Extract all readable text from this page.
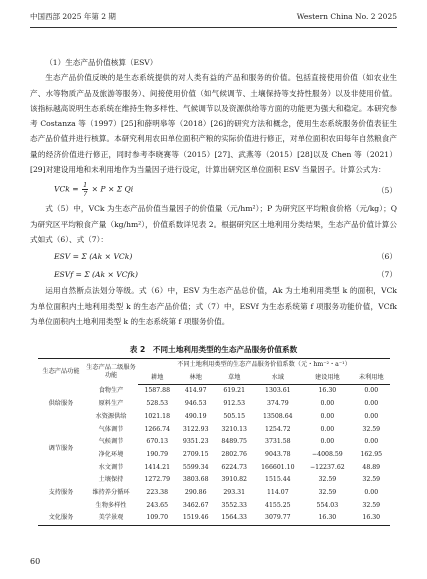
中国西部 2025 年第 2 期	Western China No. 2 2025

（1）生态产品价值核算（ESV）

生态产品价值反映的是生态系统提供的对人类有益的产品和服务的价值。包括直接使用价值（如农业生产、水等物质产品及旅游等服务）、间接使用价值（如气候调节、土壤保持等支持性服务）以及非使用价值。该指标越高说明生态系统在维持生物多样性、气候调节以及资源供给等方面的功能更为强大和稳定。本研究参考 Costanza 等（1997）[25]和薛明皋等（2018）[26]的研究方法和概念，使用生态系统服务价值表征生态产品价值并进行核算。本研究利用农田单位面积产粮的实际价值进行修正，对单位面积农田每年自然粮食产量的经济价值进行修正，同时参考李晓赛等（2015）[27]、武燕等（2015）[28]以及 Chen 等（2021）[29]对建设用地和未利用地作为当量因子进行设定，计算出研究区单位面积 ESV 当量因子。计算公式为：

VCk = $\frac{1}{7} \times P \times \Sigma$ Qi	（5）

式（5）中，VCk 为生态产品价值当量因子的价值量（元/hm²）；P 为研究区平均粮食价格（元/kg）；Q 为研究区平均粮食产量（kg/hm²），价值系数详见表 2。根据研究区土地利用分类结果，生态产品价值计算公式如式（6）、式（7）：

ESV = Σ (Ak × VCk)	（6）
ESVf = Σ (Ak × VCfk)	（7）

运用自然断点法划分等级。式（6）中，ESV 为生态产品总价值，Ak 为土地利用类型 k 的面积，VCk 为单位面积内土地利用类型 k 的生态产品价值；式（7）中，ESVf 为生态系统第 f 项服务功能价值，VCfk 为单位面积内土地利用类型 k 的生态系统第 f 项服务价值。

表 2　不同土地利用类型的生态产品服务价值系数
生态产品功能	生态产品二级服务功能	不同土地利用类型的生态产品服务价值系数（元・hm⁻²・a⁻¹）					
		耕地	林地	草地	水域	建设用地	未利用地
供给服务	食物生产	1587.88	414.97	619.21	1303.61	16.30	0.00
	原料生产	528.53	946.53	912.53	374.79	0.00	0.00
	水资源供给	1021.18	490.19	505.15	13508.64	0.00	0.00
调节服务	气体调节	1266.74	3122.93	3210.13	1254.72	0.00	32.59
	气候调节	670.13	9351.23	8489.75	3731.58	0.00	0.00
	净化环境	190.79	2709.15	2802.76	9043.78	−4008.59	162.95
	水文调节	1414.21	5599.34	6224.73	166601.10	−12237.62	48.89
支持服务	土壤保持	1272.79	3803.68	3910.82	1515.44	32.59	32.59
	维持养分循环	223.38	290.86	293.31	114.07	32.59	0.00
	生物多样性	243.65	3462.67	3552.33	4155.25	554.03	32.59
文化服务	美学景观	109.70	1519.46	1564.33	3079.77	16.30	16.30
60
